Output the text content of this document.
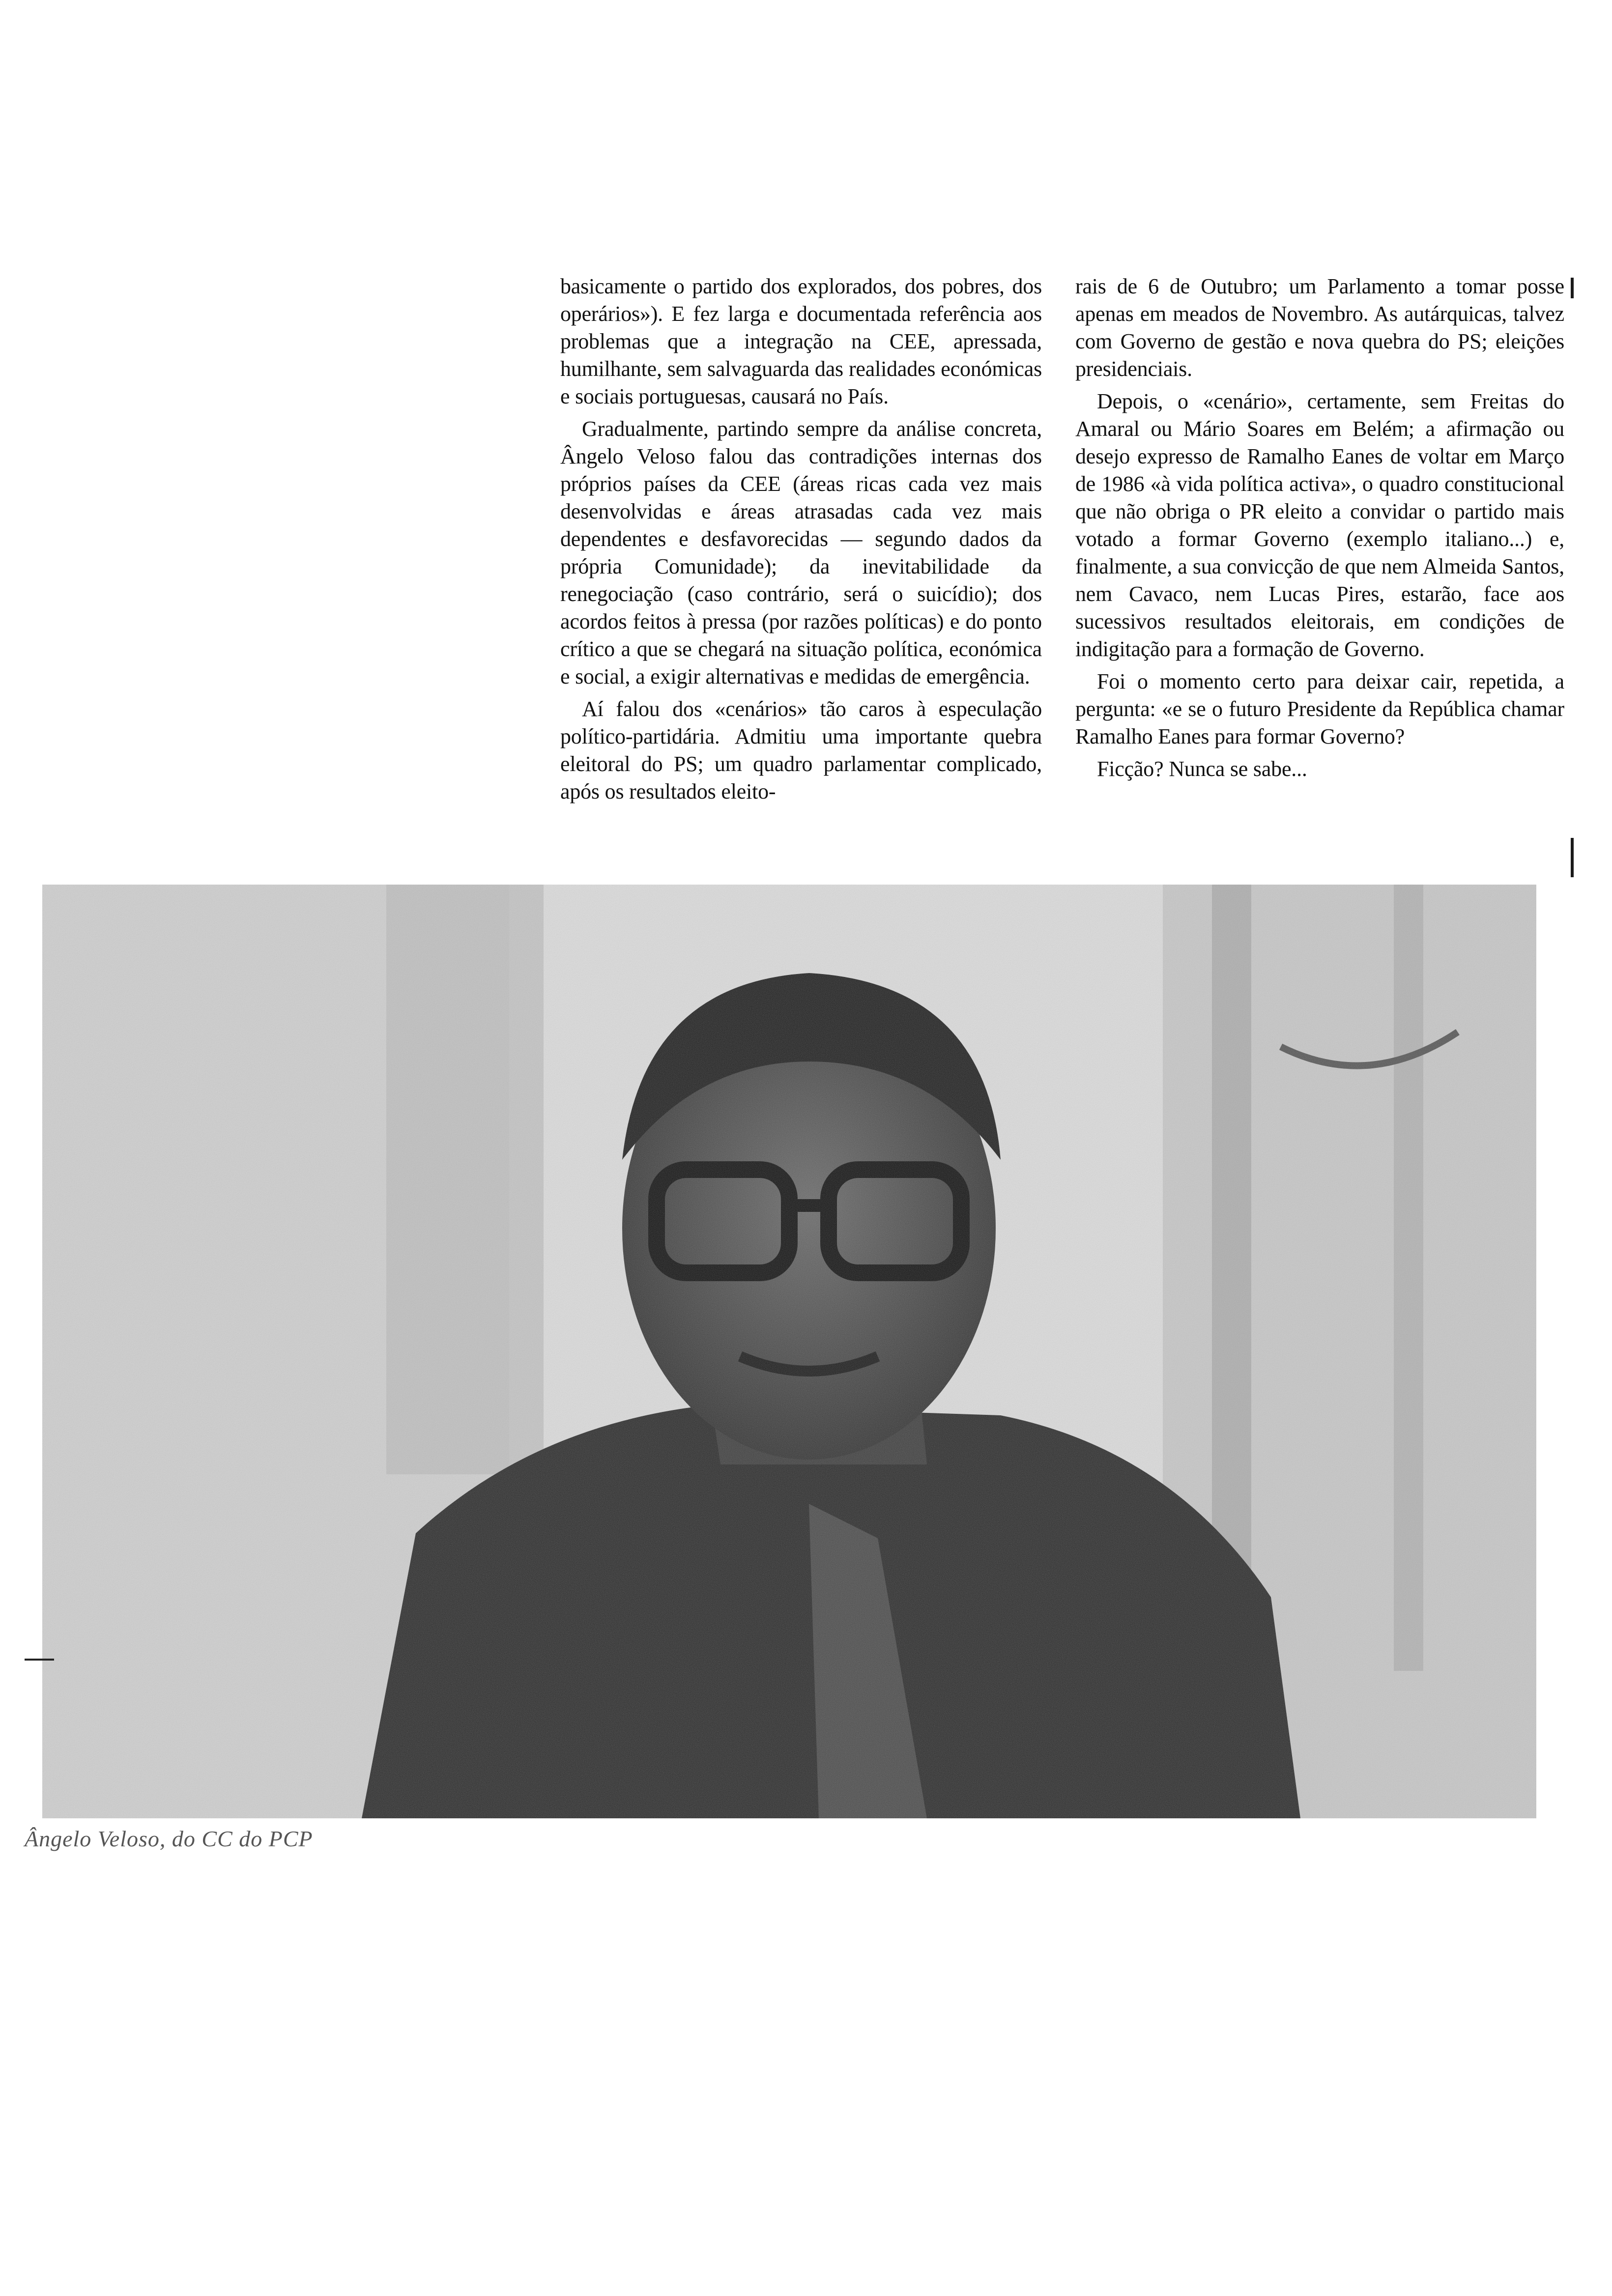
basicamente o partido dos explorados, dos pobres, dos operários»). E fez larga e documentada referência aos problemas que a integração na CEE, apressada, humilhante, sem salvaguarda das realidades económicas e sociais portuguesas, causará no País.

Gradualmente, partindo sempre da análise concreta, Ângelo Veloso falou das contradições internas dos próprios países da CEE (áreas ricas cada vez mais desenvolvidas e áreas atrasadas cada vez mais dependentes e desfavorecidas — segundo dados da própria Comunidade); da inevitabilidade da renegociação (caso contrário, será o suicídio); dos acordos feitos à pressa (por razões políticas) e do ponto crítico a que se chegará na situação política, económica e social, a exigir alternativas e medidas de emergência.

Aí falou dos «cenários» tão caros à especulação político-partidária. Admitiu uma importante quebra eleitoral do PS; um quadro parlamentar complicado, após os resultados eleito-

rais de 6 de Outubro; um Parlamento a tomar posse apenas em meados de Novembro. As autárquicas, talvez com Governo de gestão e nova quebra do PS; eleições presidenciais.

Depois, o «cenário», certamente, sem Freitas do Amaral ou Mário Soares em Belém; a afirmação ou desejo expresso de Ramalho Eanes de voltar em Março de 1986 «à vida política activa», o quadro constitucional que não obriga o PR eleito a convidar o partido mais votado a formar Governo (exemplo italiano...) e, finalmente, a sua convicção de que nem Almeida Santos, nem Cavaco, nem Lucas Pires, estarão, face aos sucessivos resultados eleitorais, em condições de indigitação para a formação de Governo.

Foi o momento certo para deixar cair, repetida, a pergunta: «e se o futuro Presidente da República chamar Ramalho Eanes para formar Governo?

Ficção? Nunca se sabe...

Ângelo Veloso, do CC do PCP
